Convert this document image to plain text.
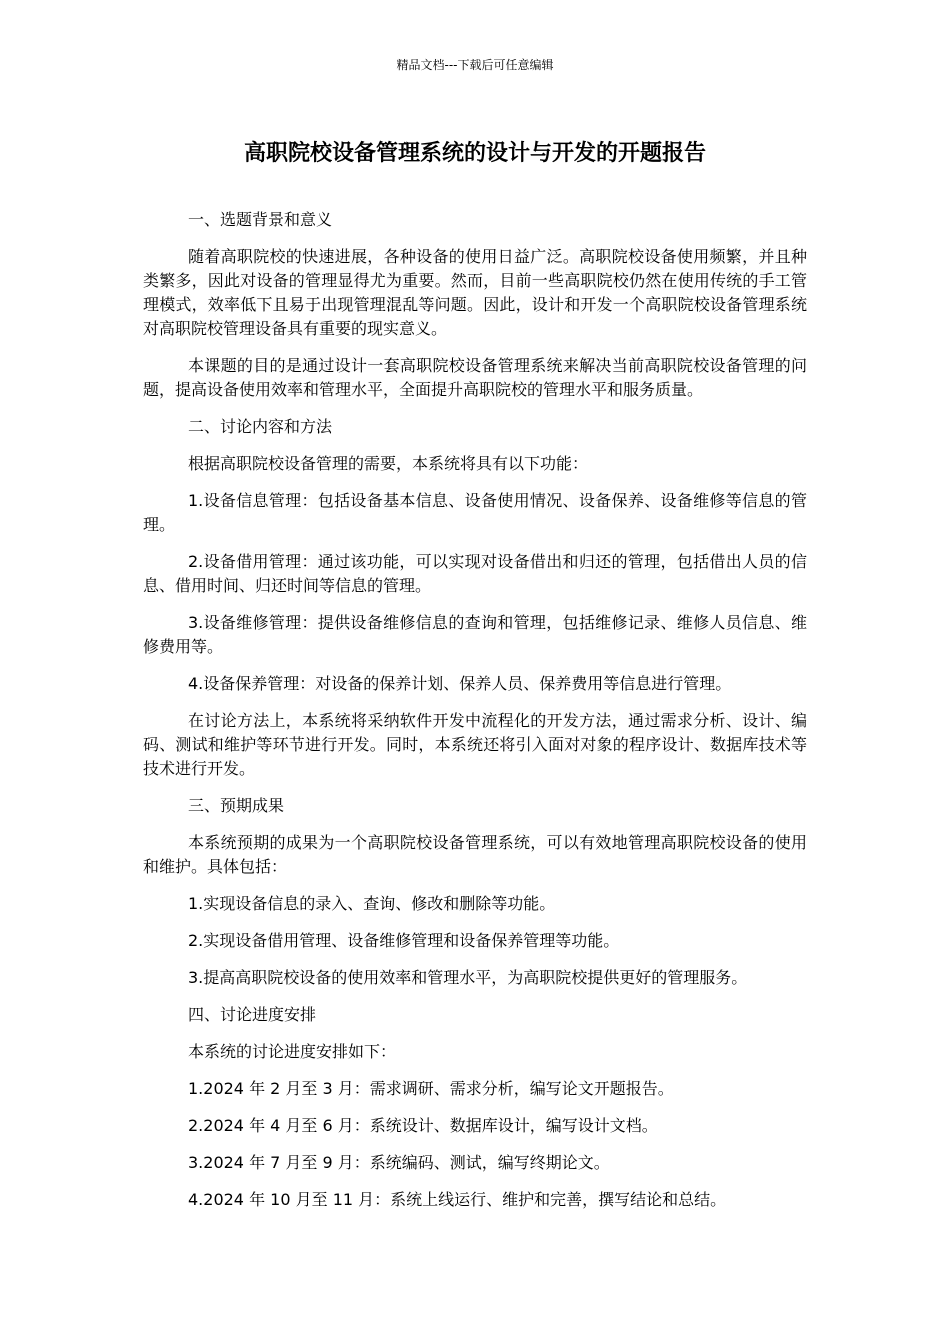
精品文档---下载后可任意编辑
高职院校设备管理系统的设计与开发的开题报告

一、选题背景和意义

随着高职院校的快速进展，各种设备的使用日益广泛。高职院校设备使用频繁，并且种类繁多，因此对设备的管理显得尤为重要。然而，目前一些高职院校仍然在使用传统的手工管理模式，效率低下且易于出现管理混乱等问题。因此，设计和开发一个高职院校设备管理系统对高职院校管理设备具有重要的现实意义。

本课题的目的是通过设计一套高职院校设备管理系统来解决当前高职院校设备管理的问题，提高设备使用效率和管理水平，全面提升高职院校的管理水平和服务质量。

二、讨论内容和方法

根据高职院校设备管理的需要，本系统将具有以下功能：

1.设备信息管理：包括设备基本信息、设备使用情况、设备保养、设备维修等信息的管理。

2.设备借用管理：通过该功能，可以实现对设备借出和归还的管理，包括借出人员的信息、借用时间、归还时间等信息的管理。

3.设备维修管理：提供设备维修信息的查询和管理，包括维修记录、维修人员信息、维修费用等。

4.设备保养管理：对设备的保养计划、保养人员、保养费用等信息进行管理。

在讨论方法上，本系统将采纳软件开发中流程化的开发方法，通过需求分析、设计、编码、测试和维护等环节进行开发。同时，本系统还将引入面对对象的程序设计、数据库技术等技术进行开发。

三、预期成果

本系统预期的成果为一个高职院校设备管理系统，可以有效地管理高职院校设备的使用和维护。具体包括：

1.实现设备信息的录入、查询、修改和删除等功能。

2.实现设备借用管理、设备维修管理和设备保养管理等功能。

3.提高高职院校设备的使用效率和管理水平，为高职院校提供更好的管理服务。

四、讨论进度安排

本系统的讨论进度安排如下：

1.2024 年 2 月至 3 月：需求调研、需求分析，编写论文开题报告。

2.2024 年 4 月至 6 月：系统设计、数据库设计，编写设计文档。

3.2024 年 7 月至 9 月：系统编码、测试，编写终期论文。

4.2024 年 10 月至 11 月：系统上线运行、维护和完善，撰写结论和总结。
